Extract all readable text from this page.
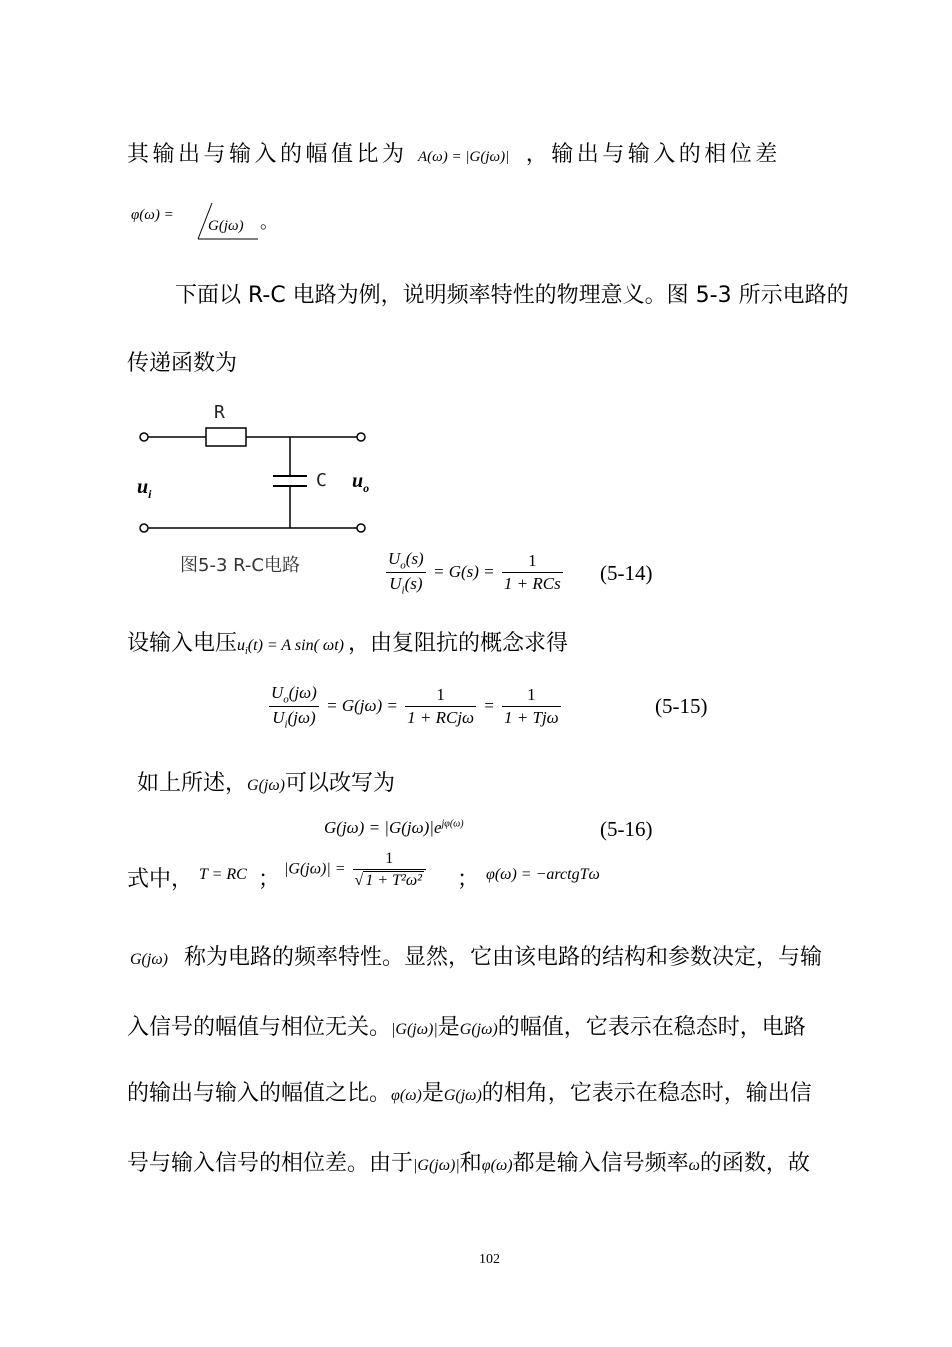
其输出与输入的幅值比为 A(ω) = |G(jω)| ，输出与输入的相位差
φ(ω) =
G(jω) 。
下面以 R-C 电路为例，说明频率特性的物理意义。图 5-3 所示电路的
传递函数为
R
C
$u_i$
$u_o$
图5-3 R-C电路	$\frac{U_o(s)}{U_i(s)} = G(s) = \frac{1}{\text{1 + RCs}} (5-14)$
设输入电压$u_i(t) = A$ sin( ωt) ，由复阻抗的概念求得
$\frac{U_o(j\omega)}{U_i(j\omega)} = G(j\omega) = \frac{1}{\text{1 + RCjω}} = \frac{1}{\text{1 + Tjω}}$	(5-15)
如上所述，G(jω)可以改写为
$G(j\omega) = |G(j\omega)|e^{j\varphi(\omega)}$	(5-16)
式中， T = RC ； $|G(j\omega)| = \frac{1}{\text{√ 1 + T²ω²}}$ ； φ(ω) = −arctgTω
G(jω) 称为电路的频率特性。显然，它由该电路的结构和参数决定，与输
入信号的幅值与相位无关。|G(jω)|是G(jω)的幅值，它表示在稳态时，电路
的输出与输入的幅值之比。φ(ω)是G(jω)的相角，它表示在稳态时，输出信
号与输入信号的相位差。由于|G(jω)|和φ(ω)都是输入信号频率ω的函数，故
102
